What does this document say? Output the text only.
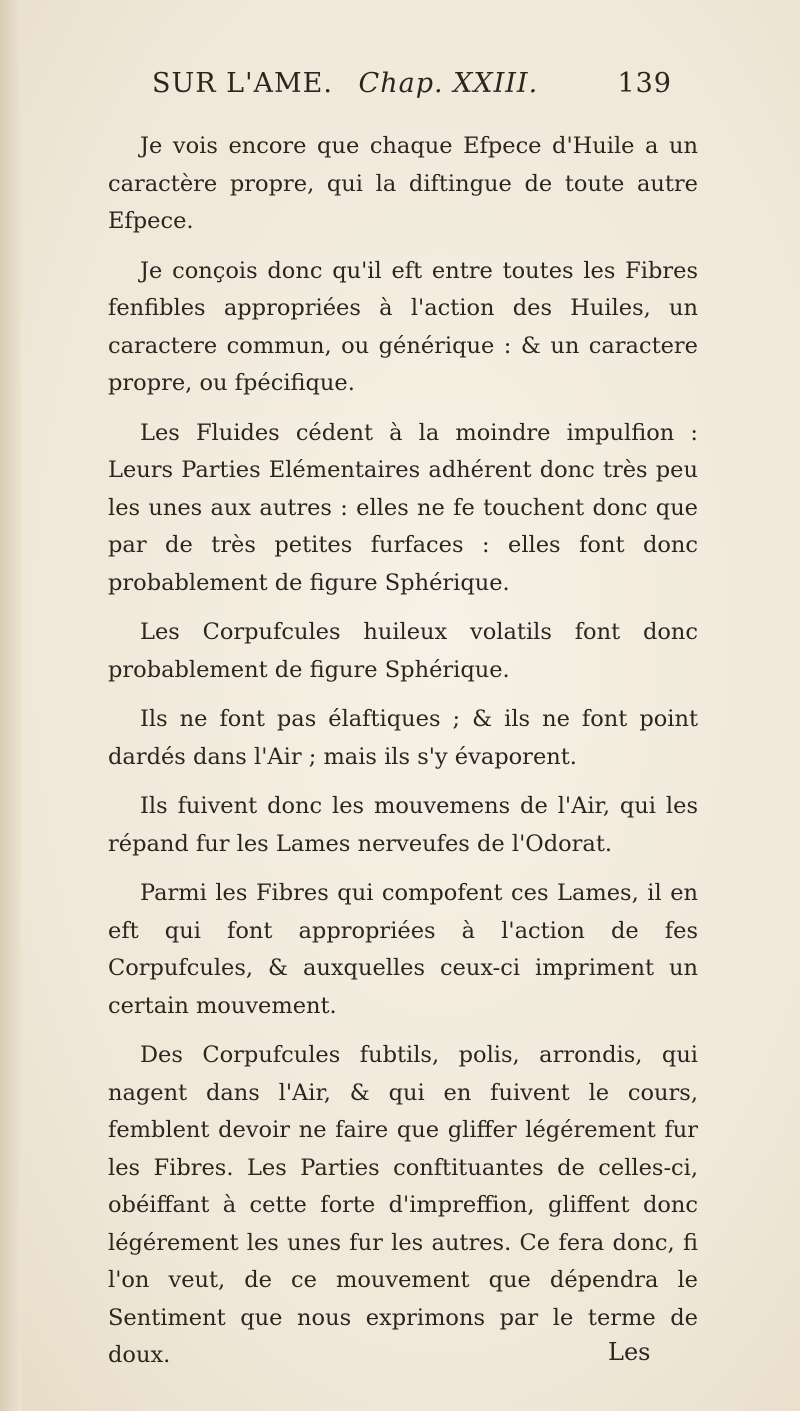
SUR L'AME. Chap. XXIII.	139

Je vois encore que chaque Efpece d'Huile a un caractère propre, qui la diftingue de toute autre Efpece.

Je conçois donc qu'il eft entre toutes les Fibres fenfibles appropriées à l'action des Huiles, un caractere commun, ou générique : & un caractere propre, ou fpécifique.

Les Fluides cédent à la moindre impulfion : Leurs Parties Elémentaires adhérent donc très peu les unes aux autres : elles ne fe touchent donc que par de très petites furfaces : elles font donc probablement de figure Sphérique.

Les Corpufcules huileux volatils font donc probablement de figure Sphérique.

Ils ne font pas élaftiques ; & ils ne font point dardés dans l'Air ; mais ils s'y évaporent.

Ils fuivent donc les mouvemens de l'Air, qui les répand fur les Lames nerveufes de l'Odorat.

Parmi les Fibres qui compofent ces Lames, il en eft qui font appropriées à l'action de fes Corpufcules, & auxquelles ceux-ci impriment un certain mouvement.

Des Corpufcules fubtils, polis, arrondis, qui nagent dans l'Air, & qui en fuivent le cours, femblent devoir ne faire que gliffer légérement fur les Fibres. Les Parties conftituantes de celles-ci, obéiffant à cette forte d'impreffion, gliffent donc légérement les unes fur les autres. Ce fera donc, fi l'on veut, de ce mouvement que dépendra le Sentiment que nous exprimons par le terme de doux.	Les
